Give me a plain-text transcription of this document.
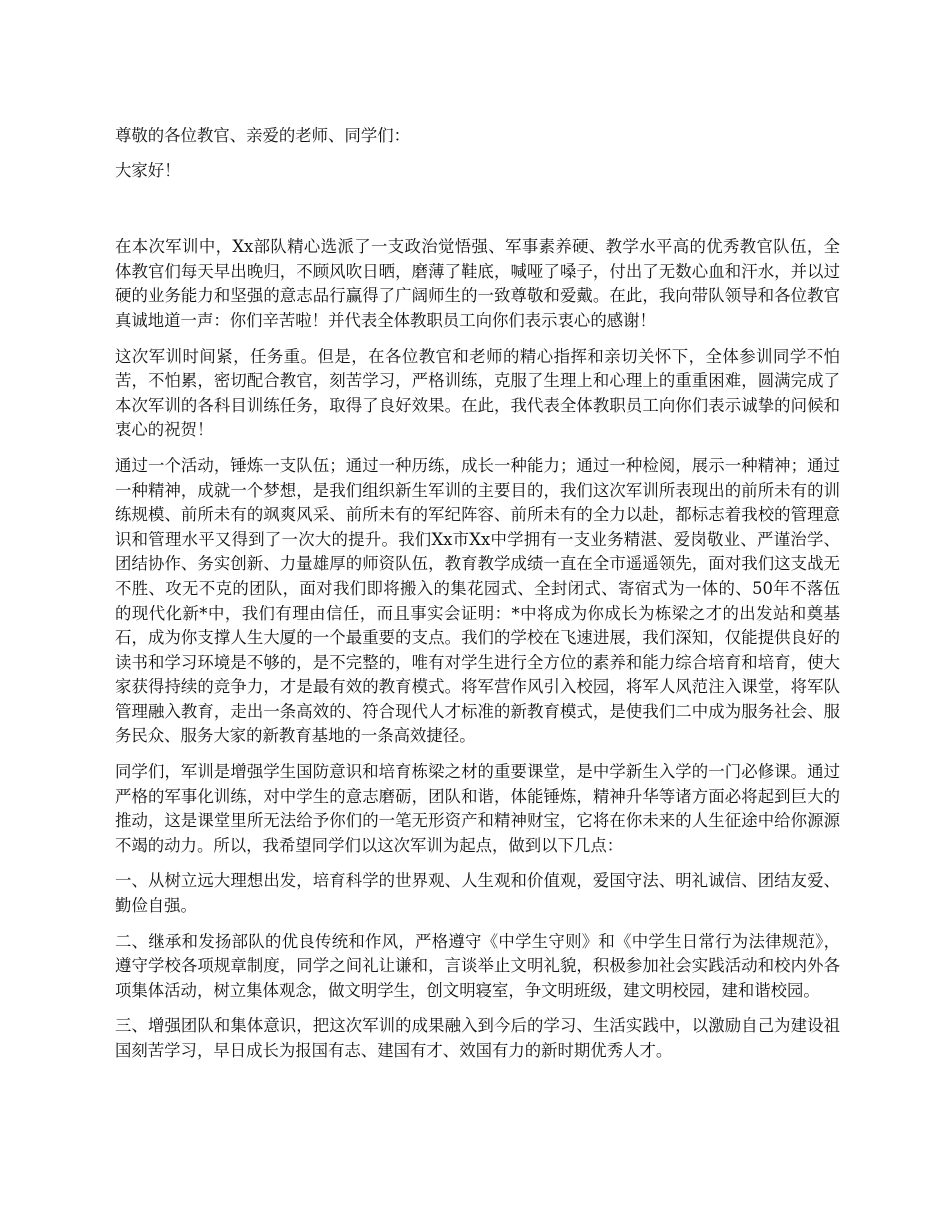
尊敬的各位教官、亲爱的老师、同学们：

大家好！

在本次军训中，Xx部队精心选派了一支政治觉悟强、军事素养硬、教学水平高的优秀教官队伍，全体教官们每天早出晚归，不顾风吹日晒，磨薄了鞋底，喊哑了嗓子，付出了无数心血和汗水，并以过硬的业务能力和坚强的意志品行赢得了广阔师生的一致尊敬和爱戴。在此，我向带队领导和各位教官真诚地道一声：你们辛苦啦！并代表全体教职员工向你们表示衷心的感谢！

这次军训时间紧，任务重。但是，在各位教官和老师的精心指挥和亲切关怀下，全体参训同学不怕苦，不怕累，密切配合教官，刻苦学习，严格训练，克服了生理上和心理上的重重困难，圆满完成了本次军训的各科目训练任务，取得了良好效果。在此，我代表全体教职员工向你们表示诚挚的问候和衷心的祝贺！

通过一个活动，锤炼一支队伍；通过一种历练，成长一种能力；通过一种检阅，展示一种精神；通过一种精神，成就一个梦想，是我们组织新生军训的主要目的，我们这次军训所表现出的前所未有的训练规模、前所未有的飒爽风采、前所未有的军纪阵容、前所未有的全力以赴，都标志着我校的管理意识和管理水平又得到了一次大的提升。我们Xx市Xx中学拥有一支业务精湛、爱岗敬业、严谨治学、团结协作、务实创新、力量雄厚的师资队伍，教育教学成绩一直在全市遥遥领先，面对我们这支战无不胜、攻无不克的团队，面对我们即将搬入的集花园式、全封闭式、寄宿式为一体的、50年不落伍的现代化新*中，我们有理由信任，而且事实会证明：*中将成为你成长为栋梁之才的出发站和奠基石，成为你支撑人生大厦的一个最重要的支点。我们的学校在飞速进展，我们深知，仅能提供良好的读书和学习环境是不够的，是不完整的，唯有对学生进行全方位的素养和能力综合培育和培育，使大家获得持续的竞争力，才是最有效的教育模式。将军营作风引入校园，将军人风范注入课堂，将军队管理融入教育，走出一条高效的、符合现代人才标准的新教育模式，是使我们二中成为服务社会、服务民众、服务大家的新教育基地的一条高效捷径。

同学们，军训是增强学生国防意识和培育栋梁之材的重要课堂，是中学新生入学的一门必修课。通过严格的军事化训练，对中学生的意志磨砺，团队和谐，体能锤炼，精神升华等诸方面必将起到巨大的推动，这是课堂里所无法给予你们的一笔无形资产和精神财宝，它将在你未来的人生征途中给你源源不竭的动力。所以，我希望同学们以这次军训为起点，做到以下几点：

一、从树立远大理想出发，培育科学的世界观、人生观和价值观，爱国守法、明礼诚信、团结友爱、勤俭自强。

二、继承和发扬部队的优良传统和作风，严格遵守《中学生守则》和《中学生日常行为法律规范》，遵守学校各项规章制度，同学之间礼让谦和，言谈举止文明礼貌，积极参加社会实践活动和校内外各项集体活动，树立集体观念，做文明学生，创文明寝室，争文明班级，建文明校园，建和谐校园。

三、增强团队和集体意识，把这次军训的成果融入到今后的学习、生活实践中，以激励自己为建设祖国刻苦学习，早日成长为报国有志、建国有才、效国有力的新时期优秀人才。
